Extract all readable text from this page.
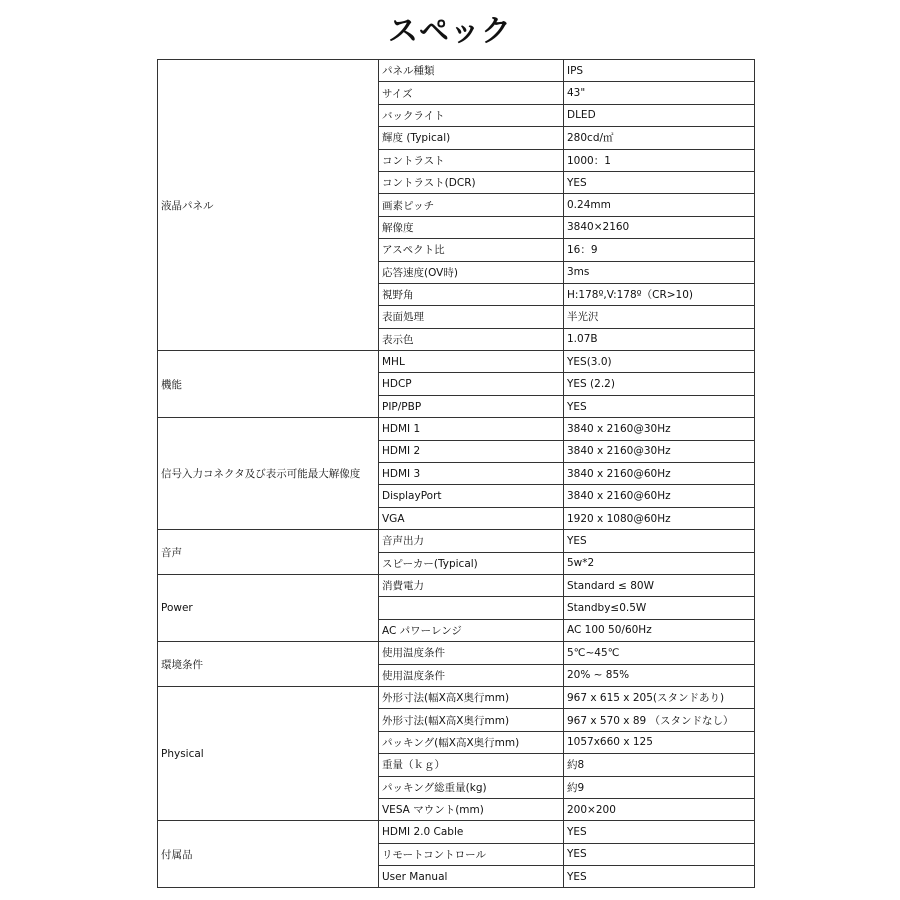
スペック
液晶パネル	パネル種類	IPS
	サイズ	43"
	バックライト	DLED
	輝度 (Typical)	280cd/㎡
	コントラスト	1000：1
	コントラスト(DCR)	YES
	画素ピッチ	0.24mm
	解像度	3840×2160
	アスペクト比	16：9
	応答速度(OV時)	3ms
	視野角	H:178º,V:178º（CR>10)
	表面処理	半光沢
	表示色	1.07B
機能	MHL	YES(3.0)
	HDCP	YES (2.2)
	PIP/PBP	YES
信号入力コネクタ及び表示可能最大解像度	HDMI 1	3840 x 2160@30Hz
	HDMI 2	3840 x 2160@30Hz
	HDMI 3	3840 x 2160@60Hz
	DisplayPort	3840 x 2160@60Hz
	VGA	1920 x 1080@60Hz
音声	音声出力	YES
	スピーカー(Typical)	5w*2
Power	消費電力	Standard ≤ 80W
		Standby≤0.5W
	AC パワーレンジ	AC 100 50/60Hz
環境条件	使用温度条件	5℃~45℃
	使用温度条件	20% ~ 85%
Physical	外形寸法(幅X高X奥行mm)	967 x 615 x 205(スタンドあり)
	外形寸法(幅X高X奥行mm)	967 x 570 x 89 （スタンドなし）
	パッキング(幅X高X奥行mm)	1057x660 x 125
	重量（ｋｇ）	約8
	パッキング総重量(kg)	約9
	VESA マウント(mm)	200×200
付属品	HDMI 2.0 Cable	YES
	リモートコントロール	YES
	User Manual	YES
